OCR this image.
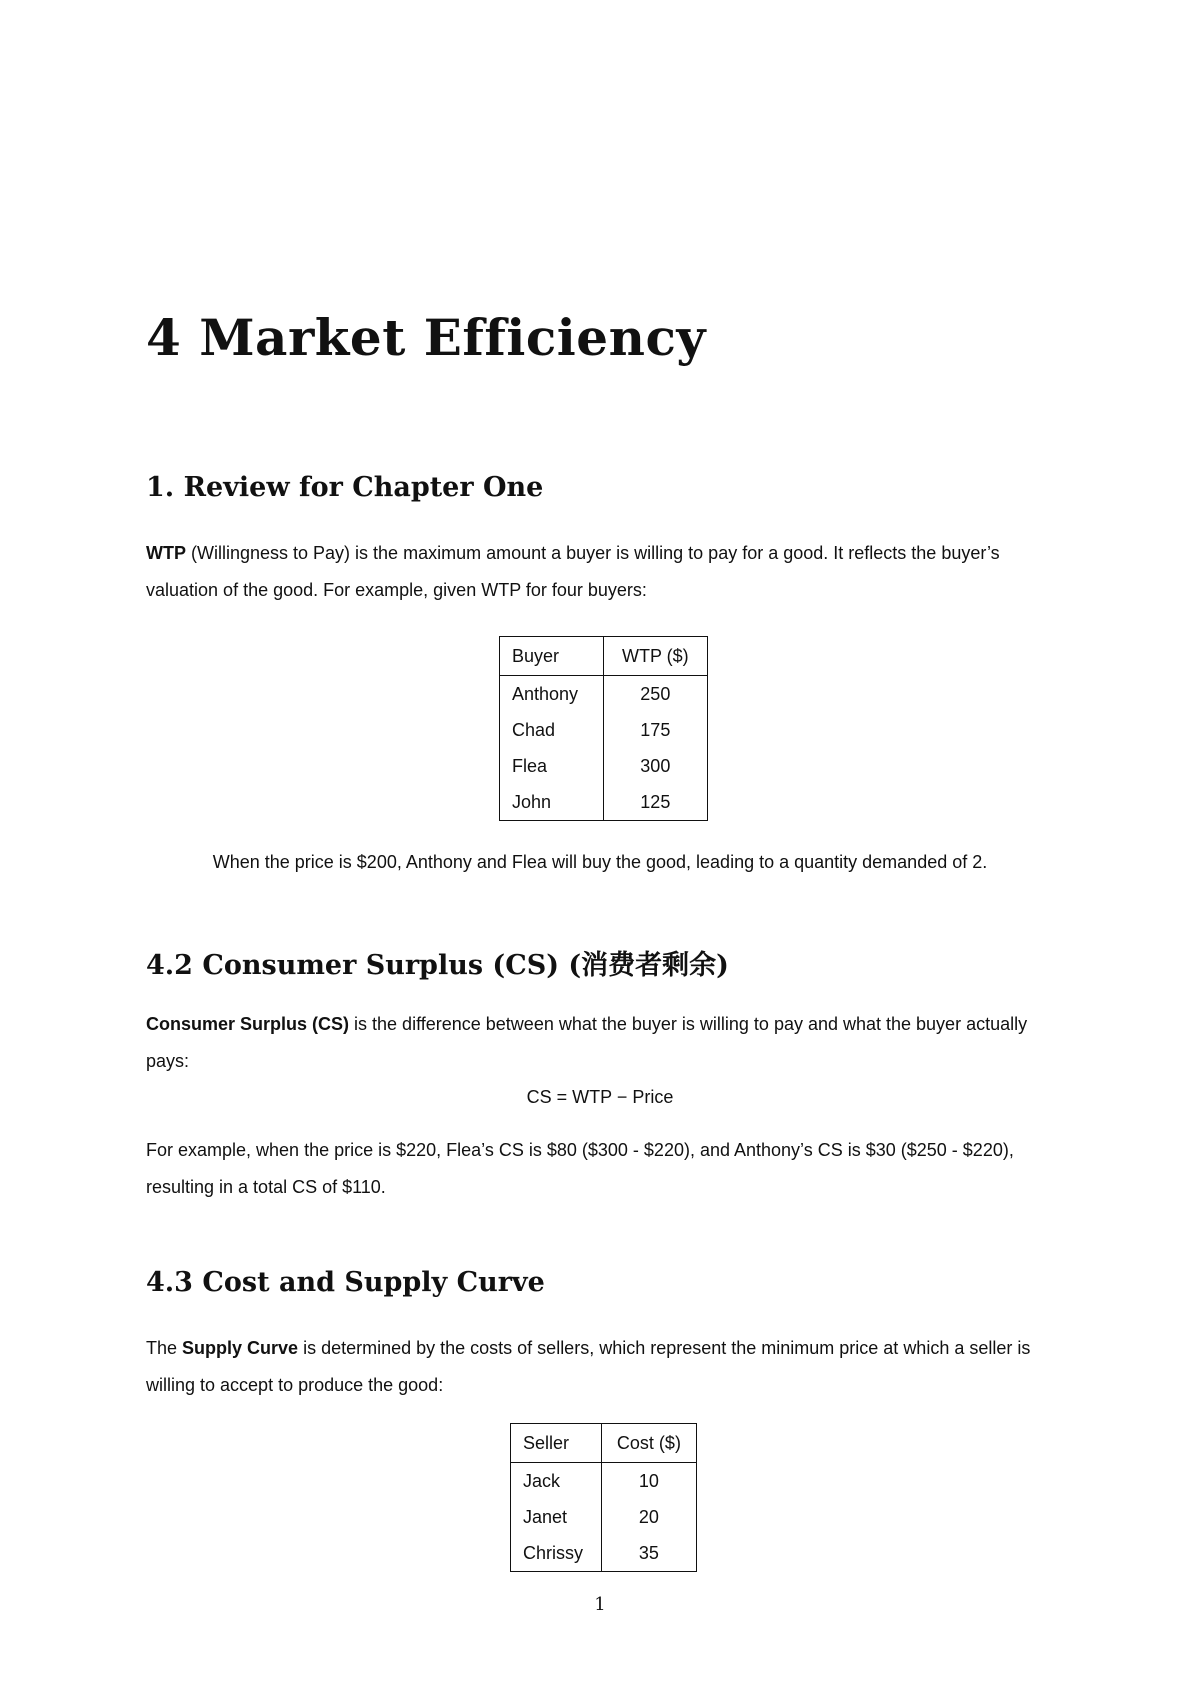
4 Market Efficiency
1. Review for Chapter One
WTP (Willingness to Pay) is the maximum amount a buyer is willing to pay for a good. It reflects the buyer’s valuation of the good. For example, given WTP for four buyers:
Buyer	WTP ($)
Anthony	250
Chad	175
Flea	300
John	125
When the price is $200, Anthony and Flea will buy the good, leading to a quantity demanded of 2.
4.2 Consumer Surplus (CS) (消费者剩余)
Consumer Surplus (CS) is the difference between what the buyer is willing to pay and what the buyer actually pays:
CS = WTP − Price
For example, when the price is $220, Flea’s CS is $80 ($300 - $220), and Anthony’s CS is $30 ($250 - $220), resulting in a total CS of $110.
4.3 Cost and Supply Curve
The Supply Curve is determined by the costs of sellers, which represent the minimum price at which a seller is willing to accept to produce the good:
Seller	Cost ($)
Jack	10
Janet	20
Chrissy	35
1
